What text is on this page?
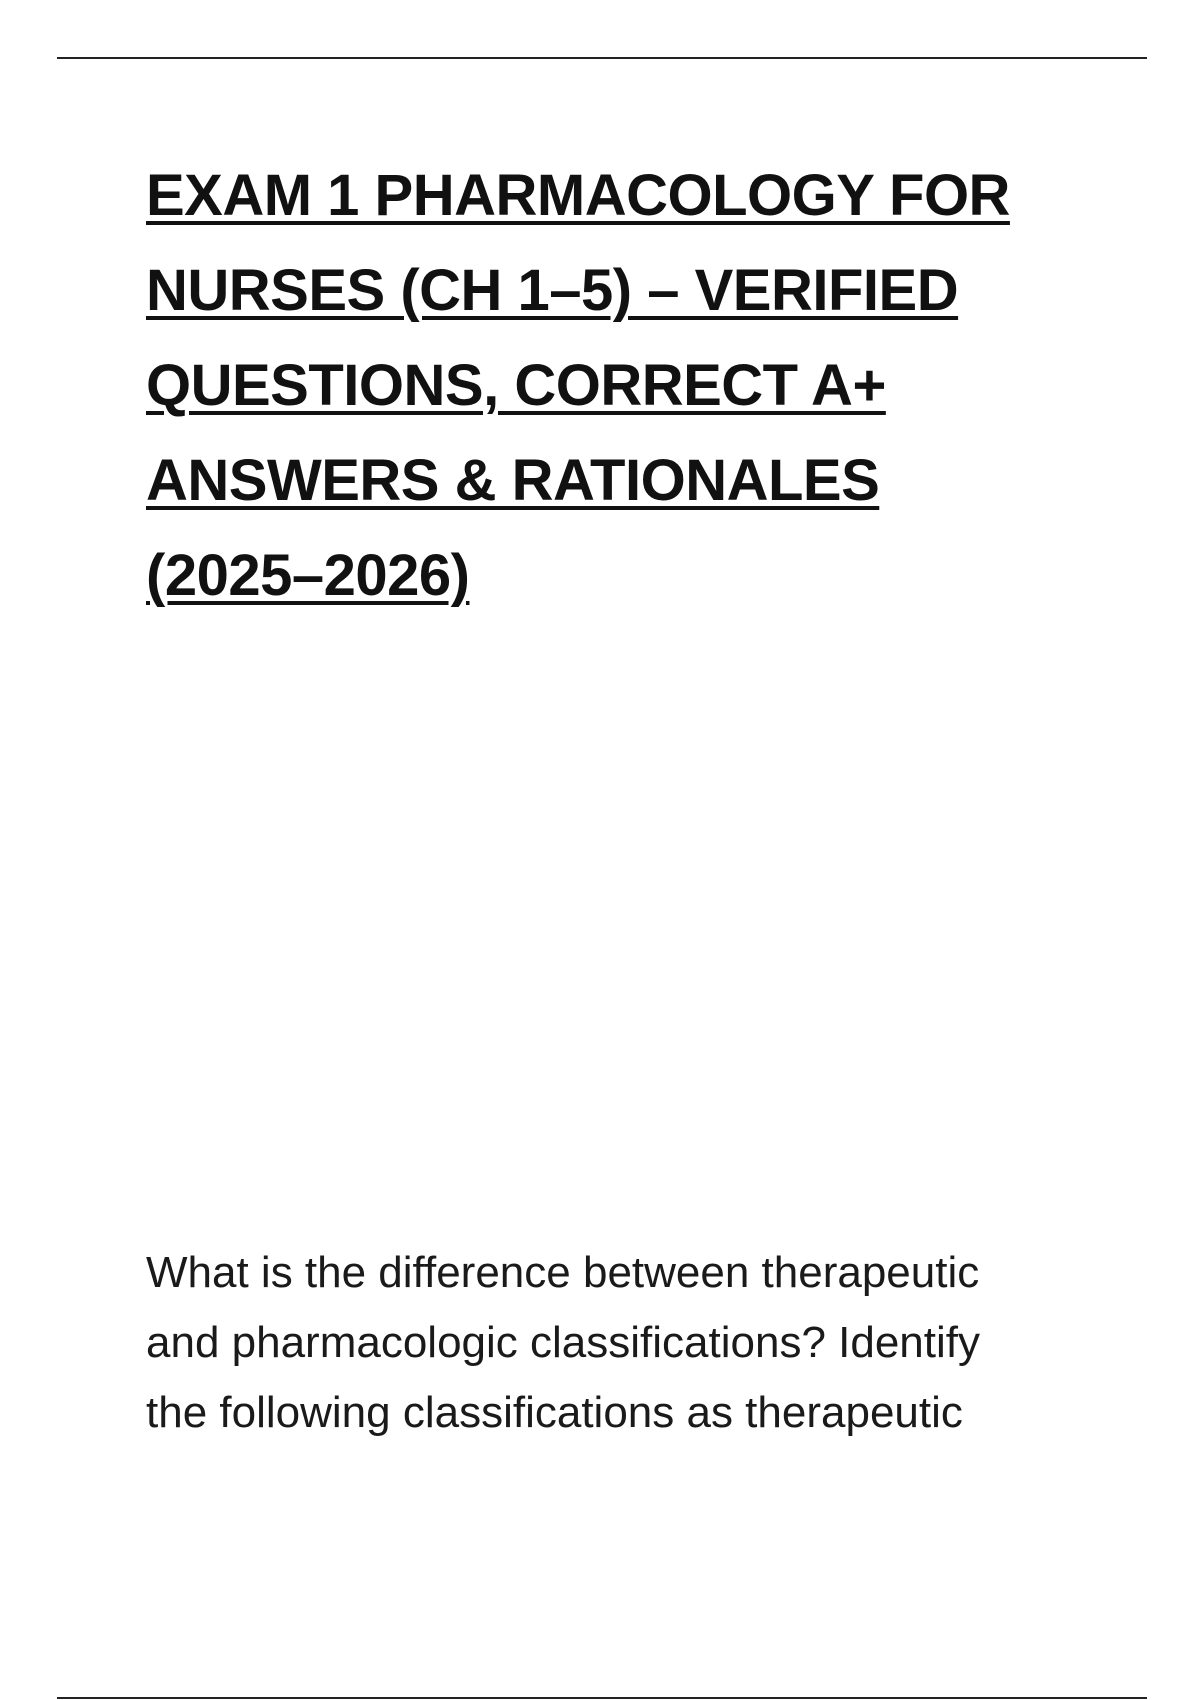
EXAM 1 PHARMACOLOGY FOR
NURSES (CH 1–5) – VERIFIED
QUESTIONS, CORRECT A+
ANSWERS & RATIONALES
(2025–2026)

What is the difference between therapeutic
and pharmacologic classifications? Identify
the following classifications as therapeutic
